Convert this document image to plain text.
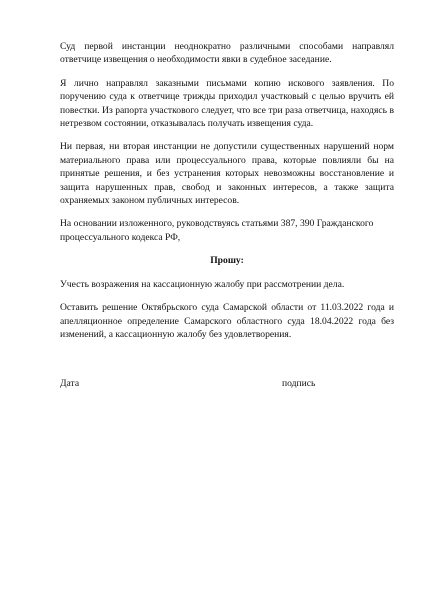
Суд первой инстанции неоднократно различными способами направлял ответчице извещения о необходимости явки в судебное заседание.

Я лично направлял заказными письмами копию искового заявления. По поручению суда к ответчице трижды приходил участковый с целью вручить ей повестки. Из рапорта участкового следует, что все три раза ответчица, находясь в нетрезвом состоянии, отказывалась получать извещения суда.

Ни первая, ни вторая инстанции не допустили существенных нарушений норм материального права или процессуального права, которые повлияли бы на принятые решения, и без устранения которых невозможны восстановление и защита нарушенных прав, свобод и законных интересов, а также защита охраняемых законом публичных интересов.

На основании изложенного, руководствуясь статьями 387, 390 Гражданского процессуального кодекса РФ,

Прошу:

Учесть возражения на кассационную жалобу при рассмотрении дела.

Оставить решение Октябрьского суда Самарской области от 11.03.2022 года и апелляционное определение Самарского областного суда 18.04.2022 года без изменений, а кассационную жалобу без удовлетворения.

Дата	подпись
